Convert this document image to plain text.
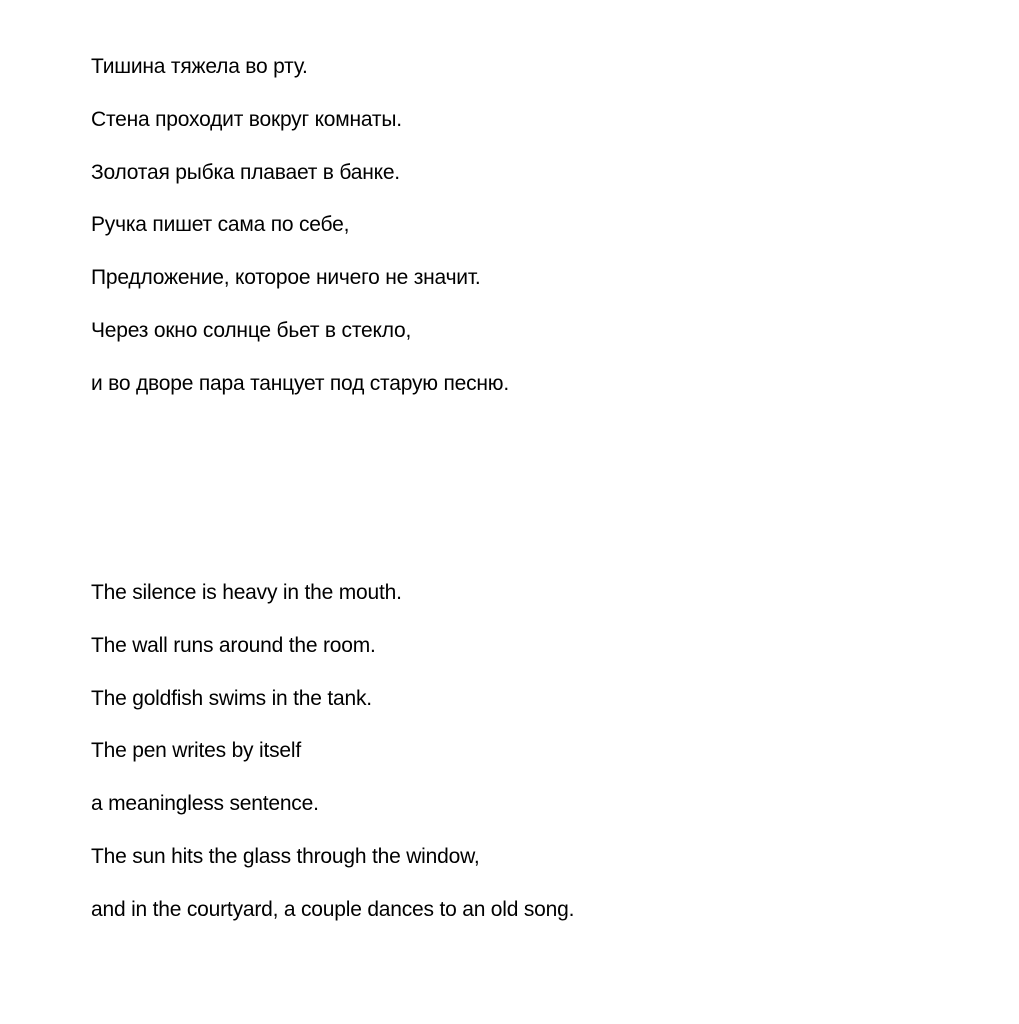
Тишина тяжела во рту.
Стена проходит вокруг комнаты.
Золотая рыбка плавает в банке.
Ручка пишет сама по себе,
Предложение, которое ничего не значит.
Через окно солнце бьет в стекло,
и во дворе пара танцует под старую песню.
The silence is heavy in the mouth.
The wall runs around the room.
The goldfish swims in the tank.
The pen writes by itself
a meaningless sentence.
The sun hits the glass through the window,
and in the courtyard, a couple dances to an old song.
